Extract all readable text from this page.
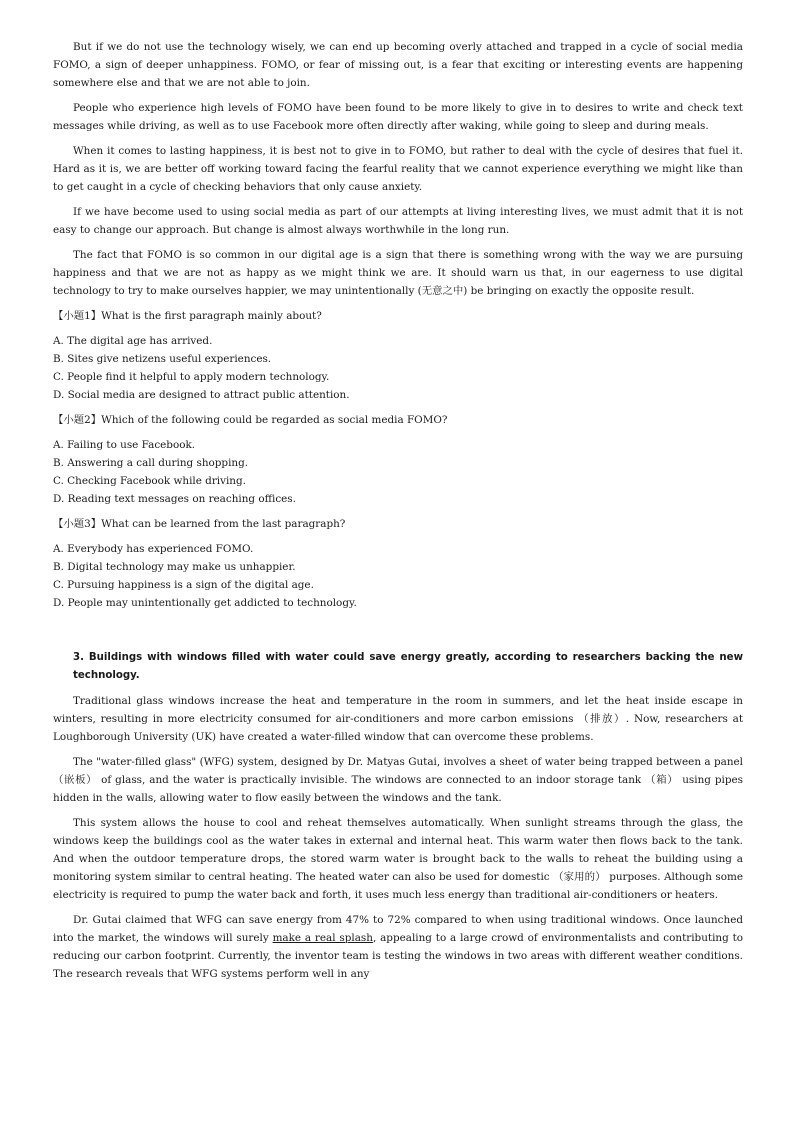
But if we do not use the technology wisely, we can end up becoming overly attached and trapped in a cycle of social media FOMO, a sign of deeper unhappiness. FOMO, or fear of missing out, is a fear that exciting or interesting events are happening somewhere else and that we are not able to join.

People who experience high levels of FOMO have been found to be more likely to give in to desires to write and check text messages while driving, as well as to use Facebook more often directly after waking, while going to sleep and during meals.

When it comes to lasting happiness, it is best not to give in to FOMO, but rather to deal with the cycle of desires that fuel it. Hard as it is, we are better off working toward facing the fearful reality that we cannot experience everything we might like than to get caught in a cycle of checking behaviors that only cause anxiety.

If we have become used to using social media as part of our attempts at living interesting lives, we must admit that it is not easy to change our approach. But change is almost always worthwhile in the long run.

The fact that FOMO is so common in our digital age is a sign that there is something wrong with the way we are pursuing happiness and that we are not as happy as we might think we are. It should warn us that, in our eagerness to use digital technology to try to make ourselves happier, we may unintentionally (无意之中) be bringing on exactly the opposite result.

【小题1】What is the first paragraph mainly about?
A. The digital age has arrived.
B. Sites give netizens useful experiences.
C. People find it helpful to apply modern technology.
D. Social media are designed to attract public attention.
【小题2】Which of the following could be regarded as social media FOMO?
A. Failing to use Facebook.
B. Answering a call during shopping.
C. Checking Facebook while driving.
D. Reading text messages on reaching offices.
【小题3】What can be learned from the last paragraph?
A. Everybody has experienced FOMO.
B. Digital technology may make us unhappier.
C. Pursuing happiness is a sign of the digital age.
D. People may unintentionally get addicted to technology.

3. Buildings with windows filled with water could save energy greatly, according to researchers backing the new technology.

Traditional glass windows increase the heat and temperature in the room in summers, and let the heat inside escape in winters, resulting in more electricity consumed for air-conditioners and more carbon emissions （排放）. Now, researchers at Loughborough University (UK) have created a water-filled window that can overcome these problems.

The "water-filled glass" (WFG) system, designed by Dr. Matyas Gutai, involves a sheet of water being trapped between a panel （嵌板） of glass, and the water is practically invisible. The windows are connected to an indoor storage tank （箱） using pipes hidden in the walls, allowing water to flow easily between the windows and the tank.

This system allows the house to cool and reheat themselves automatically. When sunlight streams through the glass, the windows keep the buildings cool as the water takes in external and internal heat. This warm water then flows back to the tank. And when the outdoor temperature drops, the stored warm water is brought back to the walls to reheat the building using a monitoring system similar to central heating. The heated water can also be used for domestic （家用的） purposes. Although some electricity is required to pump the water back and forth, it uses much less energy than traditional air-conditioners or heaters.

Dr. Gutai claimed that WFG can save energy from 47% to 72% compared to when using traditional windows. Once launched into the market, the windows will surely make a real splash, appealing to a large crowd of environmentalists and contributing to reducing our carbon footprint. Currently, the inventor team is testing the windows in two areas with different weather conditions. The research reveals that WFG systems perform well in any
